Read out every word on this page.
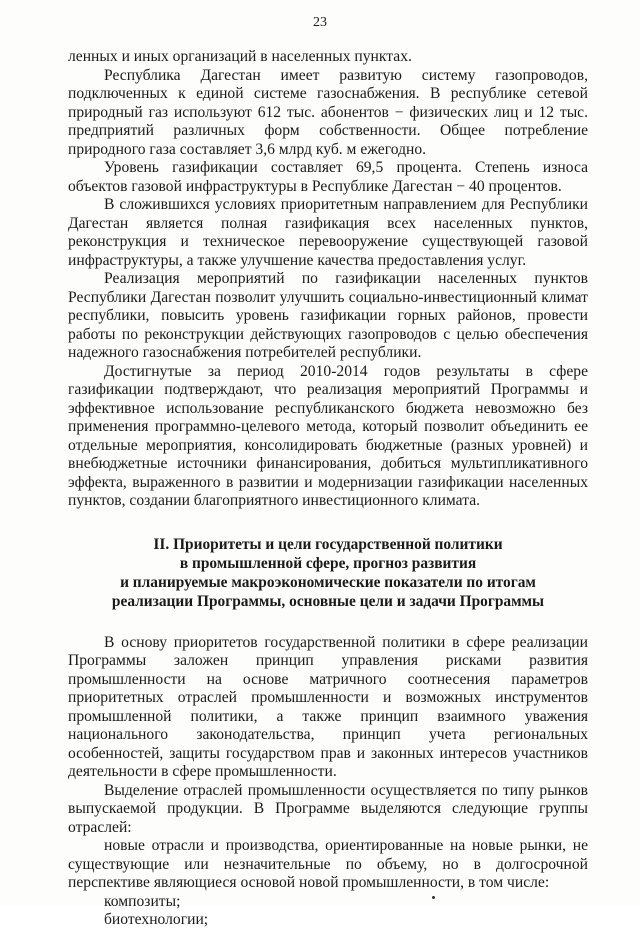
23

ленных и иных организаций в населенных пунктах.

Республика Дагестан имеет развитую систему газопроводов, подключенных к единой системе газоснабжения. В республике сетевой природный газ используют 612 тыс. абонентов − физических лиц и 12 тыс. предприятий различных форм собственности. Общее потребление природного газа составляет 3,6 млрд куб. м ежегодно.

Уровень газификации составляет 69,5 процента. Степень износа объектов газовой инфраструктуры в Республике Дагестан − 40 процентов.

В сложившихся условиях приоритетным направлением для Республики Дагестан является полная газификация всех населенных пунктов, реконструкция и техническое перевооружение существующей газовой инфраструктуры, а также улучшение качества предоставления услуг.

Реализация мероприятий по газификации населенных пунктов Республики Дагестан позволит улучшить социально-инвестиционный климат республики, повысить уровень газификации горных районов, провести работы по реконструкции действующих газопроводов с целью обеспечения надежного газоснабжения потребителей республики.

Достигнутые за период 2010-2014 годов результаты в сфере газификации подтверждают, что реализация мероприятий Программы и эффективное использование республиканского бюджета невозможно без применения программно-целевого метода, который позволит объединить ее отдельные мероприятия, консолидировать бюджетные (разных уровней) и внебюджетные источники финансирования, добиться мультипликативного эффекта, выраженного в развитии и модернизации газификации населенных пунктов, создании благоприятного инвестиционного климата.

II. Приоритеты и цели государственной политики
в промышленной сфере, прогноз развития
и планируемые макроэкономические показатели по итогам
реализации Программы, основные цели и задачи Программы

В основу приоритетов государственной политики в сфере реализации Программы заложен принцип управления рисками развития промышленности на основе матричного соотнесения параметров приоритетных отраслей промышленности и возможных инструментов промышленной политики, а также принцип взаимного уважения национального законодательства, принцип учета региональных особенностей, защиты государством прав и законных интересов участников деятельности в сфере промышленности.

Выделение отраслей промышленности осуществляется по типу рынков выпускаемой продукции. В Программе выделяются следующие группы отраслей:

новые отрасли и производства, ориентированные на новые рынки, не существующие или незначительные по объему, но в долгосрочной перспективе являющиеся основой новой промышленности, в том числе:

композиты;

биотехнологии;
